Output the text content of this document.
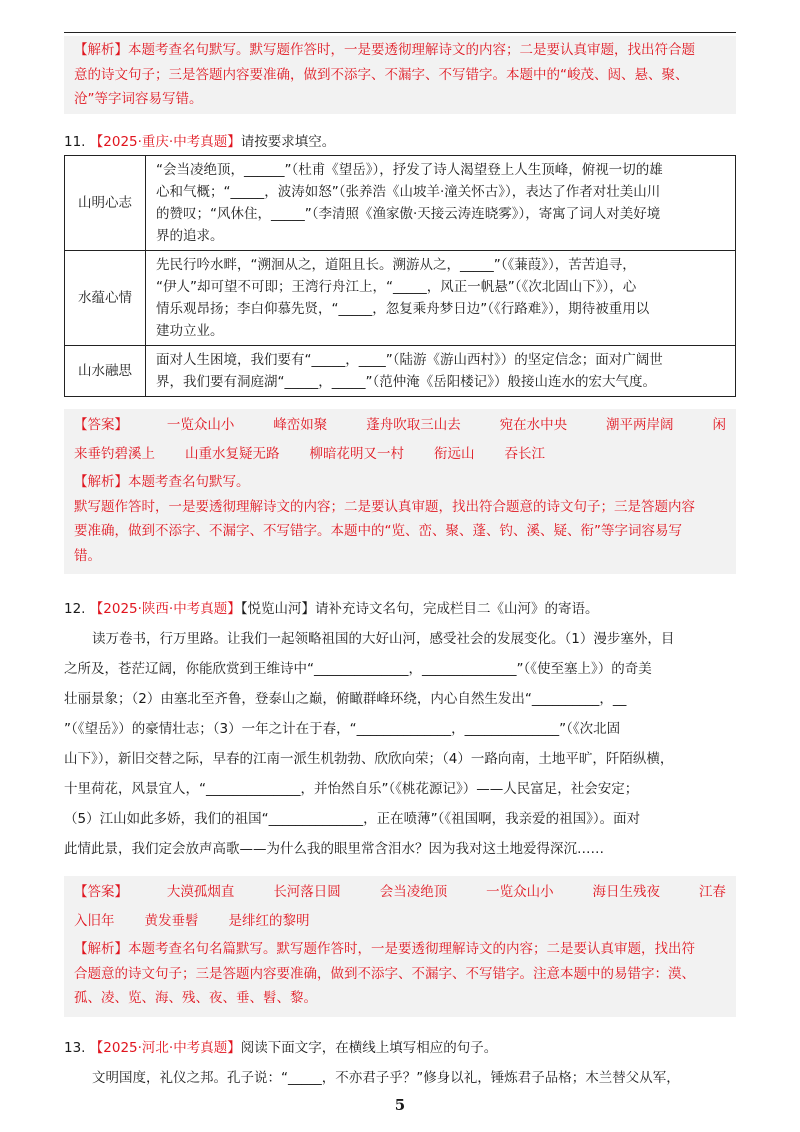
【解析】本题考查名句默写。默写题作答时，一是要透彻理解诗文的内容；二是要认真审题，找出符合题
意的诗文句子；三是答题内容要准确，做到不添字、不漏字、不写错字。本题中的“峻茂、闼、悬、聚、
沧”等字词容易写错。
11. 【2025·重庆·中考真题】请按要求填空。
山明心志	“会当凌绝顶，______”（杜甫《望岳》），抒发了诗人渴望登上人生顶峰，俯视一切的雄
心和气概；“_____，波涛如怒”（张养浩《山坡羊·潼关怀古》），表达了作者对壮美山川
的赞叹；“风休住，_____”（李清照《渔家傲·天接云涛连晓雾》），寄寓了词人对美好境
界的追求。

水蕴心情	先民行吟水畔，“溯洄从之，道阻且长。溯游从之，_____”（《蒹葭》），苦苦追寻，
“伊人”却可望不可即；王湾行舟江上，“_____，风正一帆悬”（《次北固山下》），心
情乐观昂扬；李白仰慕先贤，“_____，忽复乘舟梦日边”（《行路难》），期待被重用以
建功立业。

山水融思	面对人生困境，我们要有“_____，____”（陆游《游山西村》）的坚定信念；面对广阔世
界，我们要有洞庭湖“_____，_____”（范仲淹《岳阳楼记》）般接山连水的宏大气度。
【答案】	一览众山小	峰峦如聚	蓬舟吹取三山去	宛在水中央	潮平两岸阔	闲
来垂钓碧溪上 山重水复疑无路 柳暗花明又一村 衔远山 吞长江
【解析】本题考查名句默写。
默写题作答时，一是要透彻理解诗文的内容；二是要认真审题，找出符合题意的诗文句子；三是答题内容
要准确，做到不添字、不漏字、不写错字。本题中的“览、峦、聚、蓬、钓、溪、疑、衔”等字词容易写
错。
12. 【2025·陕西·中考真题】【悦览山河】请补充诗文名句，完成栏目二《山河》的寄语。
读万卷书，行万里路。让我们一起领略祖国的大好山河，感受社会的发展变化。（1）漫步塞外，目
之所及，苍茫辽阔，你能欣赏到王维诗中“______________，______________”（《使至塞上》）的奇美
壮丽景象；（2）由塞北至齐鲁，登泰山之巅，俯瞰群峰环绕，内心自然生发出“__________，__
”（《望岳》）的豪情壮志；（3）一年之计在于春，“______________，______________”（《次北固
山下》），新旧交替之际，早春的江南一派生机勃勃、欣欣向荣；（4）一路向南，土地平旷，阡陌纵横，
十里荷花，风景宜人，“______________，并怡然自乐”（《桃花源记》）——人民富足，社会安定；
（5）江山如此多娇，我们的祖国“______________，正在喷薄”（《祖国啊，我亲爱的祖国》）。面对
此情此景，我们定会放声高歌——为什么我的眼里常含泪水？因为我对这土地爱得深沉……
【答案】	大漠孤烟直	长河落日圆	会当凌绝顶	一览众山小	海日生残夜	江春
入旧年 黄发垂髫 是绯红的黎明
【解析】本题考查名句名篇默写。默写题作答时，一是要透彻理解诗文的内容；二是要认真审题，找出符
合题意的诗文句子；三是答题内容要准确，做到不添字、不漏字、不写错字。注意本题中的易错字：漠、
孤、凌、览、海、残、夜、垂、髫、黎。
13. 【2025·河北·中考真题】阅读下面文字，在横线上填写相应的句子。
文明国度，礼仪之邦。孔子说：“_____，不亦君子乎？”修身以礼，锤炼君子品格；木兰替父从军，
5
